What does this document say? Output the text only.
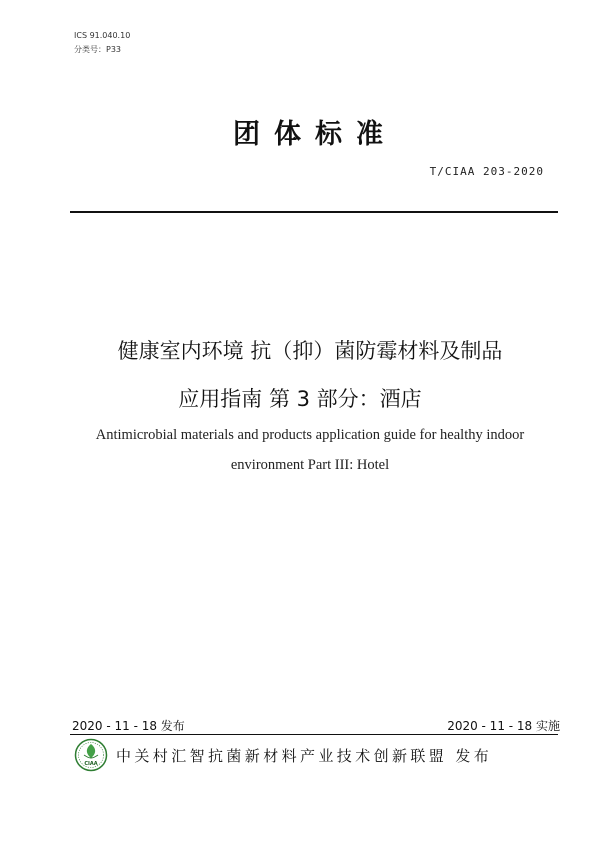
ICS 91.040.10
分类号：P33
团体标准
T/CIAA 203-2020
健康室内环境 抗（抑）菌防霉材料及制品
应用指南 第 3 部分：酒店
Antimicrobial materials and products application guide for healthy indoor
environment Part III: Hotel
2020 - 11 - 18 发布	2020 - 11 - 18 实施
CIAA 中关村汇智抗菌新材料产业技术创新联盟 发布
